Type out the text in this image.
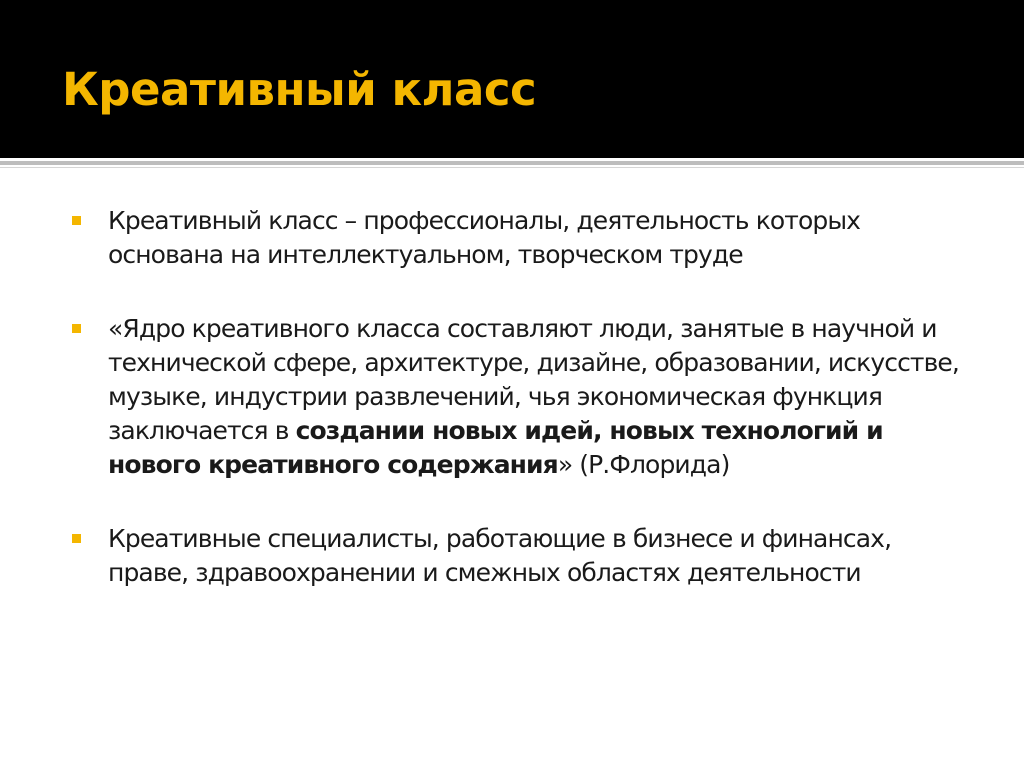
Креативный класс
Креативный класс – профессионалы, деятельность которых основана на интеллектуальном, творческом труде
«Ядро креативного класса составляют люди, занятые в научной и технической сфере, архитектуре, дизайне, образовании, искусстве, музыке, индустрии развлечений, чья экономическая функция заключается в создании новых идей, новых технологий и нового креативного содержания» (Р.Флорида)
Креативные специалисты, работающие в бизнесе и финансах, праве, здравоохранении и смежных областях деятельности
